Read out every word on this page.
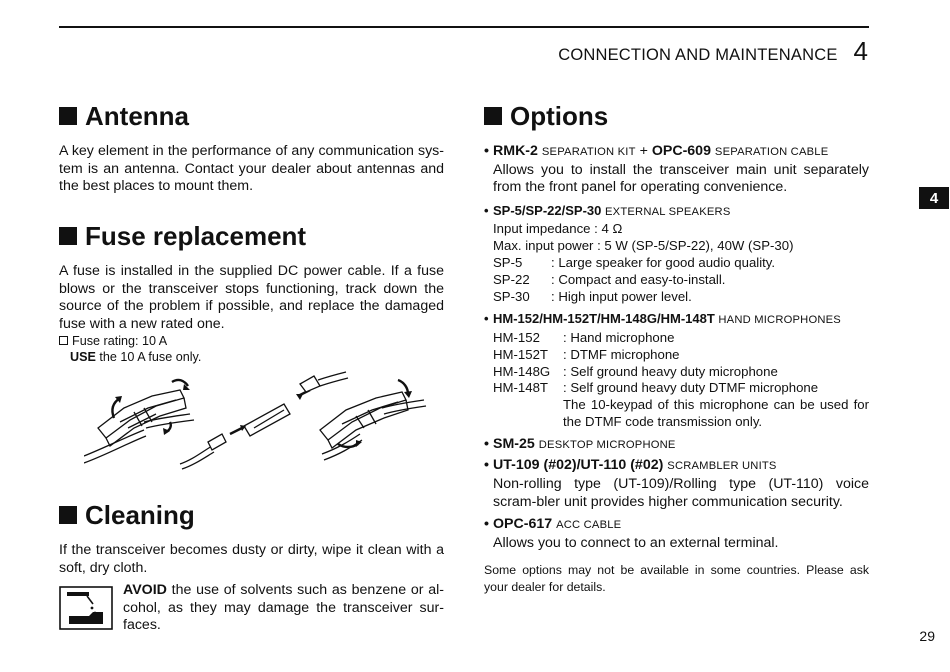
CONNECTION AND MAINTENANCE 4
4
Antenna
A key element in the performance of any communication sys-tem is an antenna. Contact your dealer about antennas and the best places to mount them.
Fuse replacement
A fuse is installed in the supplied DC power cable. If a fuse blows or the transceiver stops functioning, track down the source of the problem if possible, and replace the damaged fuse with a new rated one.
Fuse rating: 10 A
USE the 10 A fuse only.
Cleaning
If the transceiver becomes dusty or dirty, wipe it clean with a soft, dry cloth.
AVOID the use of solvents such as benzene or al-cohol, as they may damage the transceiver sur-faces.
Options
• RMK-2 SEPARATION KIT + OPC-609 SEPARATION CABLE
Allows you to install the transceiver main unit separately from the front panel for operating convenience.
• SP-5/SP-22/SP-30 EXTERNAL SPEAKERS
Input impedance : 4 Ω
Max. input power : 5 W (SP-5/SP-22), 40W (SP-30)
SP-5	: Large speaker for good audio quality.
SP-22	: Compact and easy-to-install.
SP-30	: High input power level.
• HM-152/HM-152T/HM-148G/HM-148T HAND MICROPHONES
HM-152	: Hand microphone
HM-152T	: DTMF microphone
HM-148G : Self ground heavy duty microphone
HM-148T	: Self ground heavy duty DTMF microphone
The 10-keypad of this microphone can be used for the DTMF code transmission only.
• SM-25 DESKTOP MICROPHONE
• UT-109 (#02)/UT-110 (#02) SCRAMBLER UNITS
Non-rolling type (UT-109)/Rolling type (UT-110) voice scram-bler unit provides higher communication security.
• OPC-617 ACC CABLE
Allows you to connect to an external terminal.
Some options may not be available in some countries. Please ask your dealer for details.
29
